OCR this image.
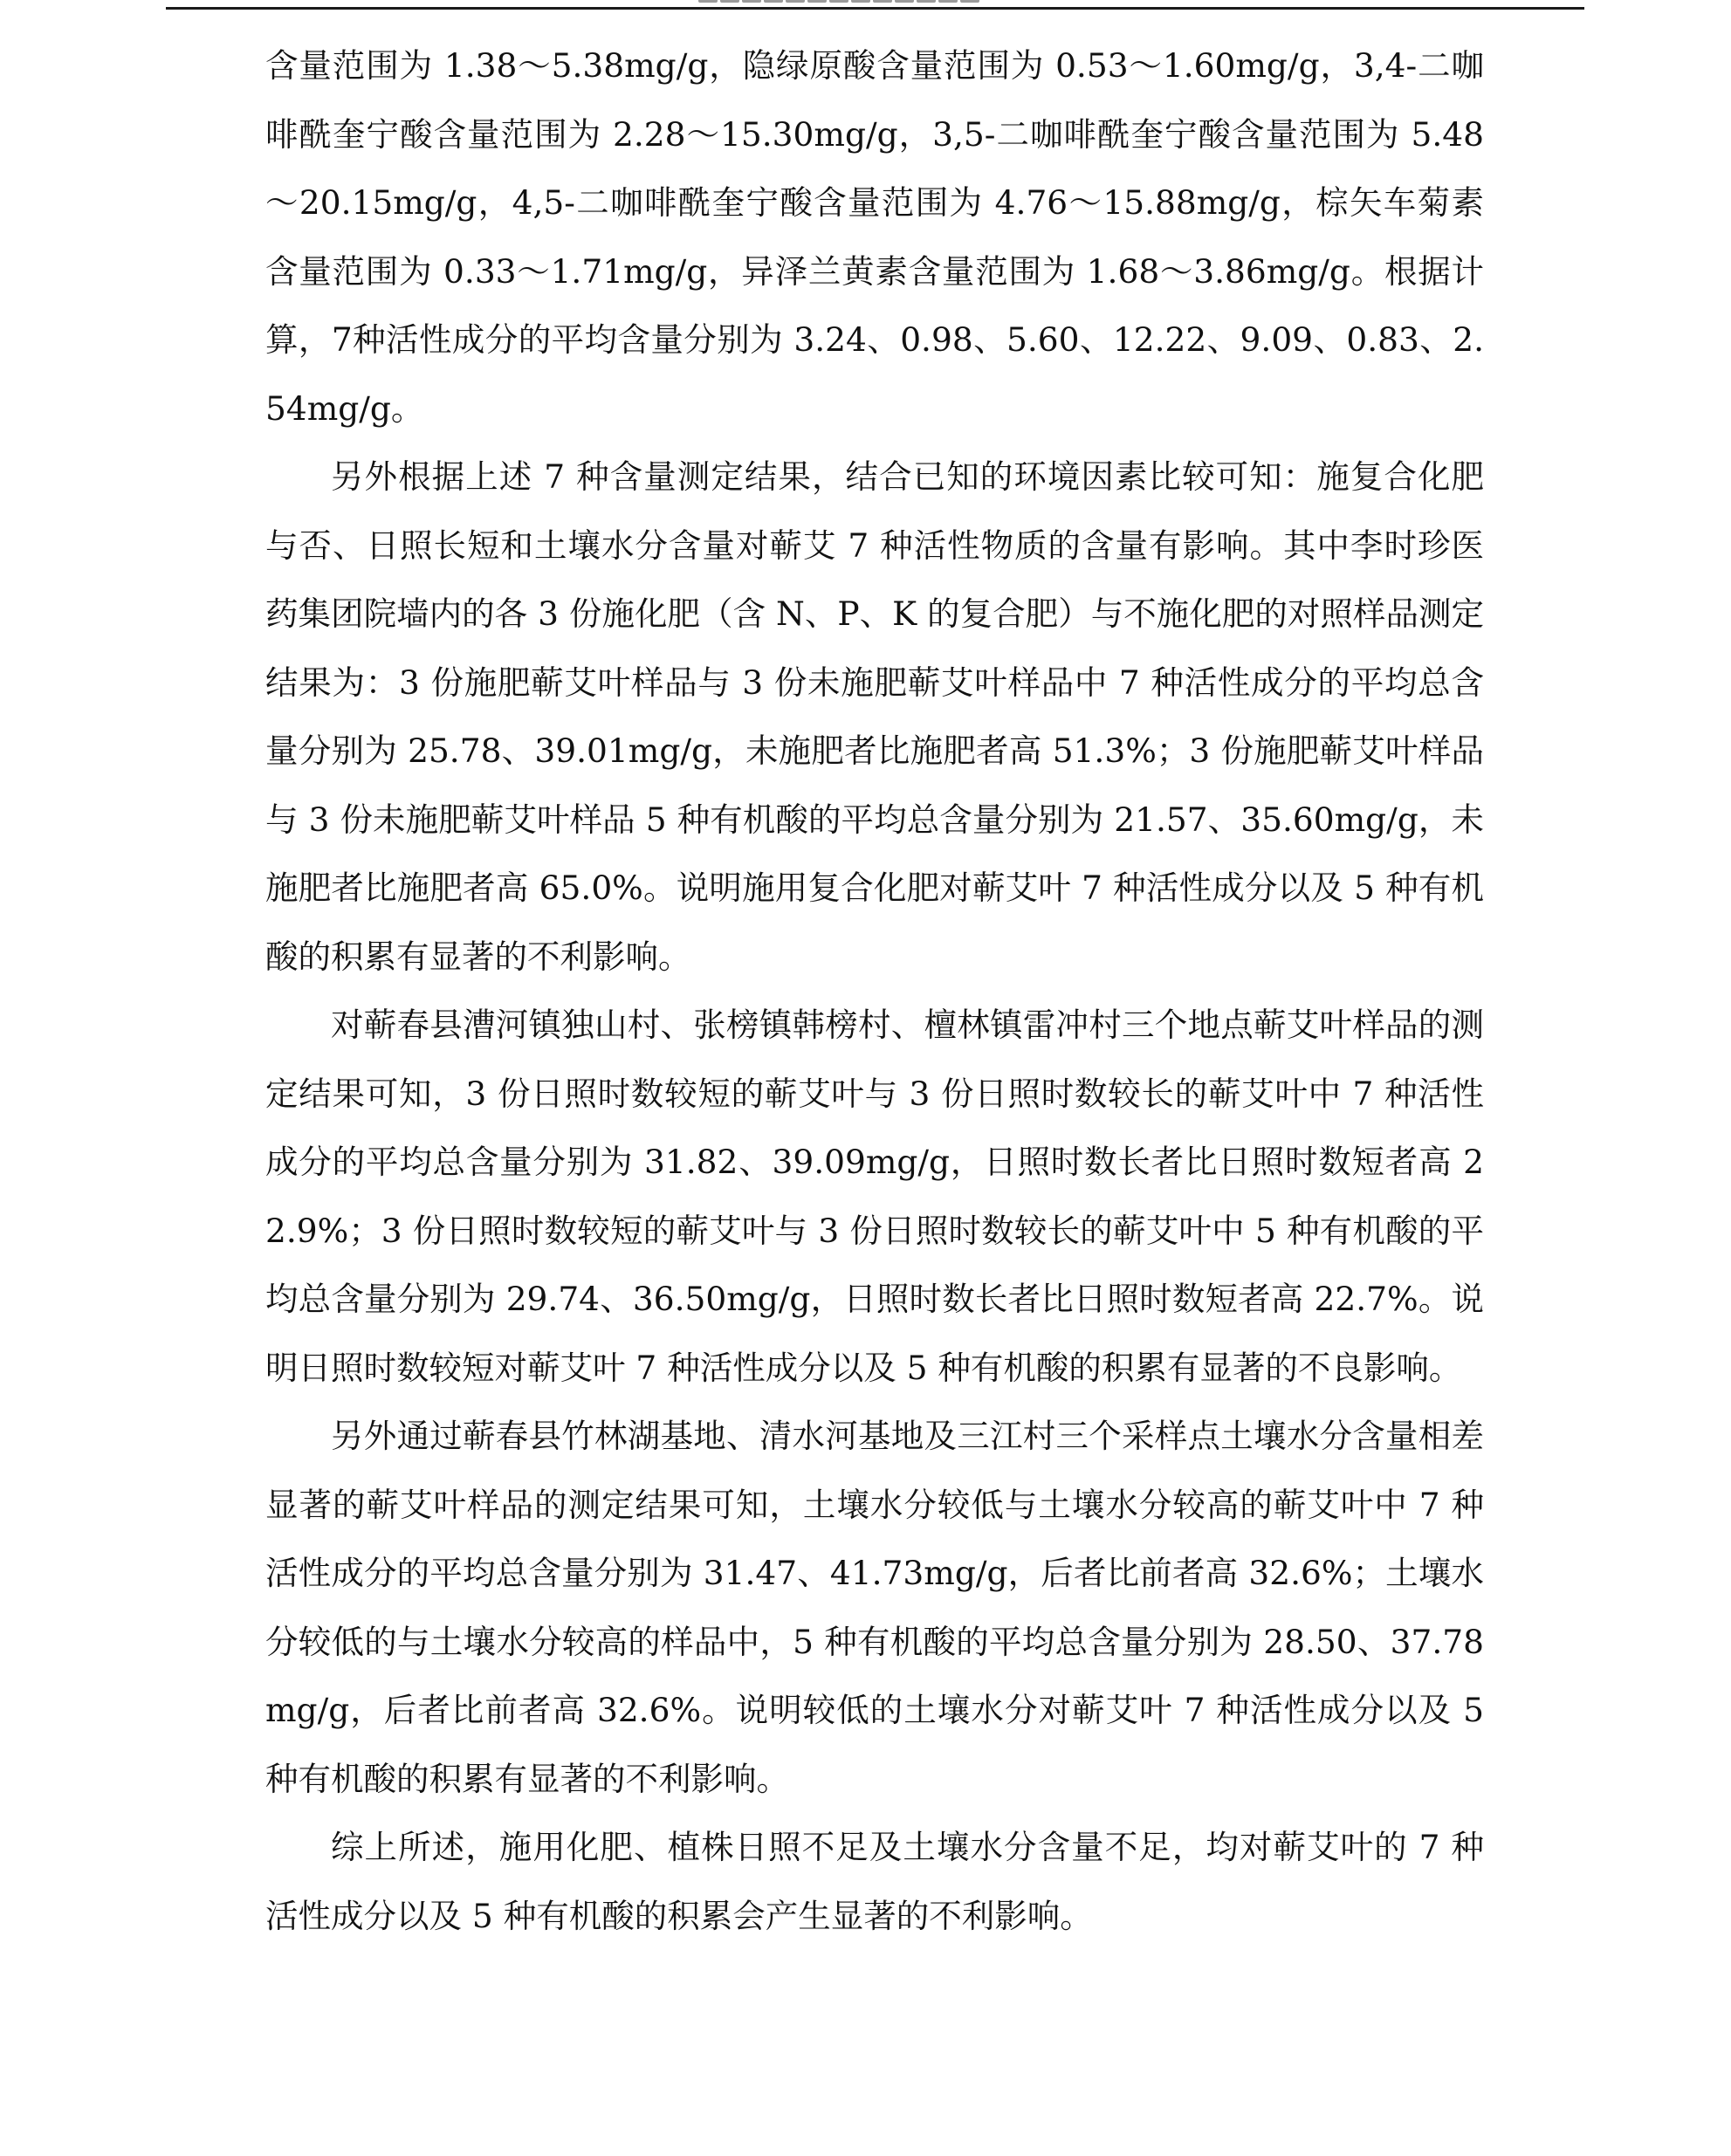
含量范围为 1.38～5.38mg/g，隐绿原酸含量范围为 0.53～1.60mg/g，3,4-二咖啡酰奎宁酸含量范围为 2.28～15.30mg/g，3,5-二咖啡酰奎宁酸含量范围为 5.48～20.15mg/g，4,5-二咖啡酰奎宁酸含量范围为 4.76～15.88mg/g，棕矢车菊素含量范围为 0.33～1.71mg/g，异泽兰黄素含量范围为 1.68～3.86mg/g。根据计算，7种活性成分的平均含量分别为 3.24、0.98、5.60、12.22、9.09、0.83、2.54mg/g。

另外根据上述 7 种含量测定结果，结合已知的环境因素比较可知：施复合化肥与否、日照长短和土壤水分含量对蕲艾 7 种活性物质的含量有影响。其中李时珍医药集团院墙内的各 3 份施化肥（含 N、P、K 的复合肥）与不施化肥的对照样品测定结果为：3 份施肥蕲艾叶样品与 3 份未施肥蕲艾叶样品中 7 种活性成分的平均总含量分别为 25.78、39.01mg/g，未施肥者比施肥者高 51.3%；3 份施肥蕲艾叶样品与 3 份未施肥蕲艾叶样品 5 种有机酸的平均总含量分别为 21.57、35.60mg/g，未施肥者比施肥者高 65.0%。说明施用复合化肥对蕲艾叶 7 种活性成分以及 5 种有机酸的积累有显著的不利影响。

对蕲春县漕河镇独山村、张榜镇韩榜村、檀林镇雷冲村三个地点蕲艾叶样品的测定结果可知，3 份日照时数较短的蕲艾叶与 3 份日照时数较长的蕲艾叶中 7 种活性成分的平均总含量分别为 31.82、39.09mg/g，日照时数长者比日照时数短者高 22.9%；3 份日照时数较短的蕲艾叶与 3 份日照时数较长的蕲艾叶中 5 种有机酸的平均总含量分别为 29.74、36.50mg/g，日照时数长者比日照时数短者高 22.7%。说明日照时数较短对蕲艾叶 7 种活性成分以及 5 种有机酸的积累有显著的不良影响。

另外通过蕲春县竹林湖基地、清水河基地及三江村三个采样点土壤水分含量相差显著的蕲艾叶样品的测定结果可知，土壤水分较低与土壤水分较高的蕲艾叶中 7 种活性成分的平均总含量分别为 31.47、41.73mg/g，后者比前者高 32.6%；土壤水分较低的与土壤水分较高的样品中，5 种有机酸的平均总含量分别为 28.50、37.78mg/g，后者比前者高 32.6%。说明较低的土壤水分对蕲艾叶 7 种活性成分以及 5 种有机酸的积累有显著的不利影响。

综上所述，施用化肥、植株日照不足及土壤水分含量不足，均对蕲艾叶的 7 种活性成分以及 5 种有机酸的积累会产生显著的不利影响。
